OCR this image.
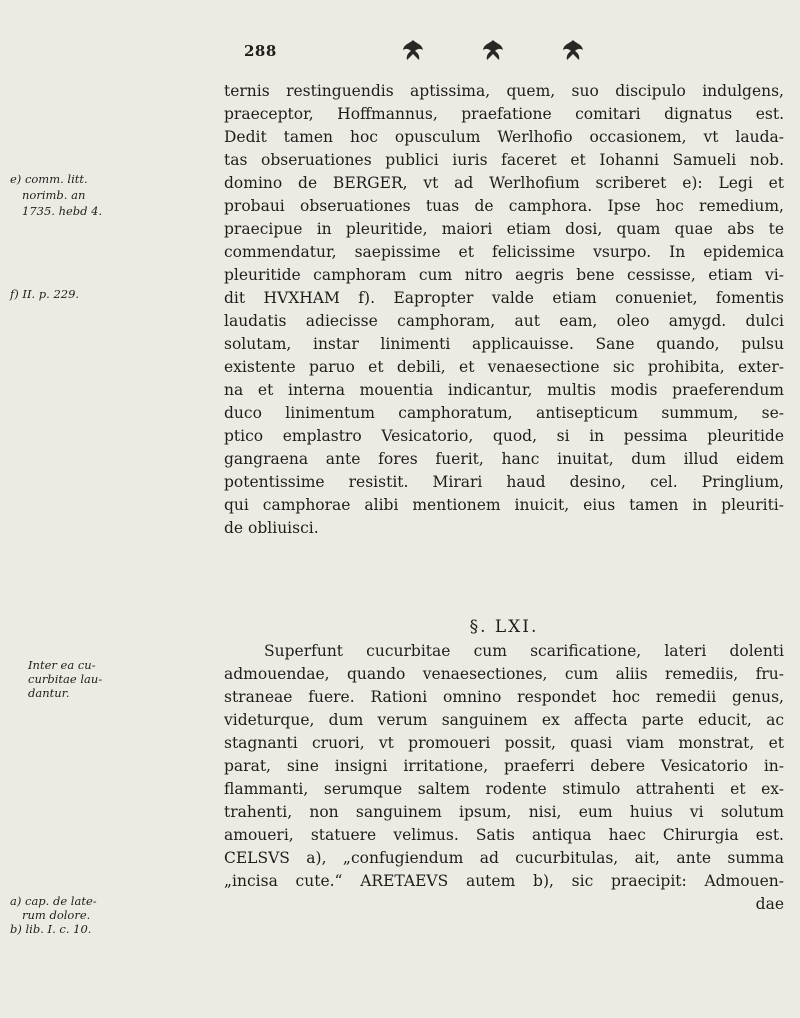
288
ternis restinguendis aptissima, quem, suo discipulo indulgens,
praeceptor, Hoffmannus, praefatione comitari dignatus est.
Dedit tamen hoc opusculum Werlhofio occasionem, vt lauda-
tas obseruationes publici iuris faceret et Iohanni Samueli nob.
domino de BERGER, vt ad Werlhofium scriberet e): Legi et
probaui obseruationes tuas de camphora. Ipse hoc remedium,
praecipue in pleuritide, maiori etiam dosi, quam quae abs te
commendatur, saepissime et felicissime vsurpo. In epidemica
pleuritide camphoram cum nitro aegris bene cessisse, etiam vi-
dit HVXHAM f). Eapropter valde etiam conueniet, fomentis
laudatis adiecisse camphoram, aut eam, oleo amygd. dulci
solutam, instar linimenti applicauisse. Sane quando, pulsu
existente paruo et debili, et venaesectione sic prohibita, exter-
na et interna mouentia indicantur, multis modis praeferendum
duco linimentum camphoratum, antisepticum summum, se-
ptico emplastro Vesicatorio, quod, si in pessima pleuritide
gangraena ante fores fuerit, hanc inuitat, dum illud eidem
potentissime resistit. Mirari haud desino, cel. Pringlium,
qui camphorae alibi mentionem inuicit, eius tamen in pleuriti-
de obliuisci.
§. LXI.
Superfunt cucurbitae cum scarificatione, lateri dolenti
admouendae, quando venaesectiones, cum aliis remediis, fru-
straneae fuere. Rationi omnino respondet hoc remedii genus,
videturque, dum verum sanguinem ex affecta parte educit, ac
stagnanti cruori, vt promoueri possit, quasi viam monstrat, et
parat, sine insigni irritatione, praeferri debere Vesicatorio in-
flammanti, serumque saltem rodente stimulo attrahenti et ex-
trahenti, non sanguinem ipsum, nisi, eum huius vi solutum
amoueri, statuere velimus. Satis antiqua haec Chirurgia est.
CELSVS a), „confugiendum ad cucurbitulas, ait, ante summa
„incisa cute.“ ARETAEVS autem b), sic praecipit: Admouen-
dae
e) comm. litt.
norimb. an
1735. hebd 4.
f) II. p. 229.
Inter ea cu-
curbitae lau-
dantur.
a) cap. de late-
rum dolore.
b) lib. I. c. 10.
